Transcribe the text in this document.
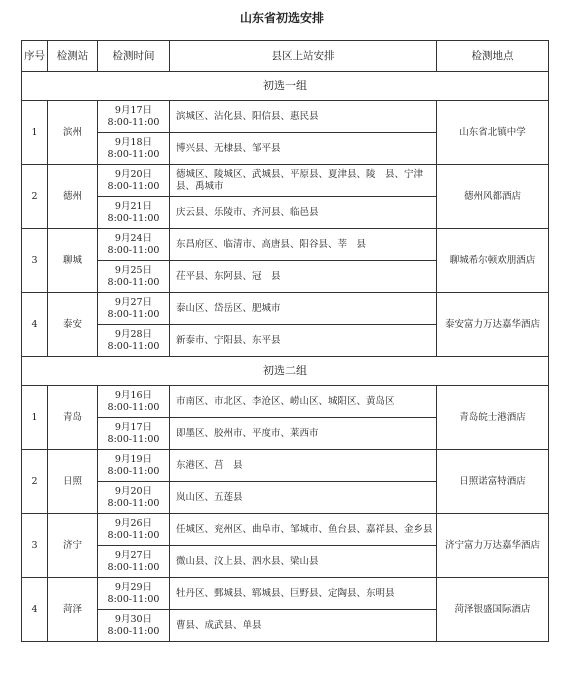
山东省初选安排
序号	检测站	检测时间	县区上站安排	检测地点
初选一组				
1	滨州	9月17日
8:00-11:00	滨城区、沾化县、阳信县、惠民县	山东省北镇中学

		9月18日
8:00-11:00	博兴县、无棣县、邹平县	
2	德州	9月20日
8:00-11:00	德城区、陵城区、武城县、平原县、夏津县、陵　县、宁津县、禹城市	德州风都酒店

		9月21日
8:00-11:00	庆云县、乐陵市、齐河县、临邑县	
3	聊城	9月24日
8:00-11:00	东昌府区、临清市、高唐县、阳谷县、莘　县	聊城希尔顿欢朋酒店

		9月25日
8:00-11:00	茌平县、东阿县、冠　县	
4	泰安	9月27日
8:00-11:00	泰山区、岱岳区、肥城市	泰安富力万达嘉华酒店

		9月28日
8:00-11:00	新泰市、宁阳县、东平县	
初选二组				
1	青岛	9月16日
8:00-11:00	市南区、市北区、李沧区、崂山区、城阳区、黄岛区	青岛皖士港酒店

		9月17日
8:00-11:00	即墨区、胶州市、平度市、莱西市	
2	日照	9月19日
8:00-11:00	东港区、莒　县	日照诺富特酒店

		9月20日
8:00-11:00	岚山区、五莲县	
3	济宁	9月26日
8:00-11:00	任城区、兖州区、曲阜市、邹城市、鱼台县、嘉祥县、金乡县	济宁富力万达嘉华酒店

		9月27日
8:00-11:00	微山县、汶上县、泗水县、梁山县	
4	菏泽	9月29日
8:00-11:00	牡丹区、鄄城县、郓城县、巨野县、定陶县、东明县	菏泽银盛国际酒店

		9月30日
8:00-11:00	曹县、成武县、单县	
